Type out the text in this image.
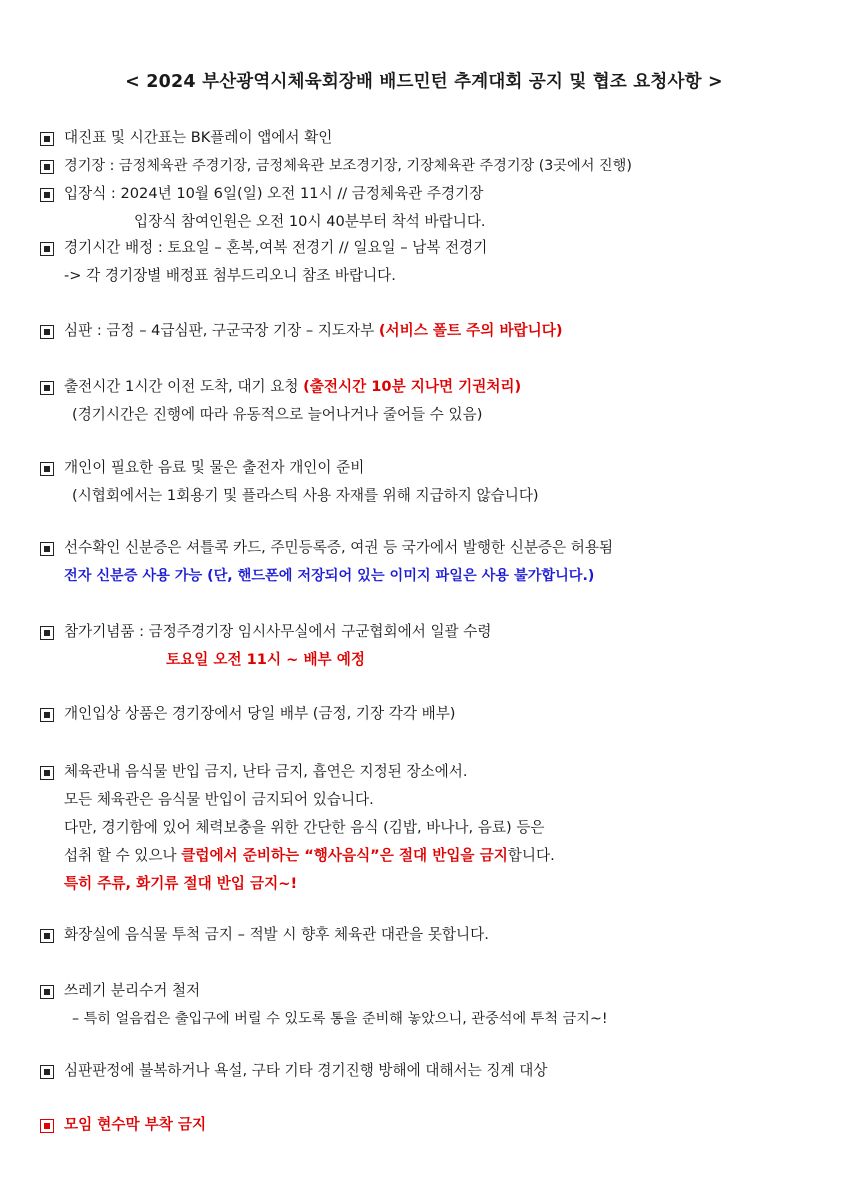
< 2024 부산광역시체육회장배 배드민턴 추계대회 공지 및 협조 요청사항 >
대진표 및 시간표는 BK플레이 앱에서 확인
경기장 : 금정체육관 주경기장, 금정체육관 보조경기장, 기장체육관 주경기장 (3곳에서 진행)
입장식 : 2024년 10월 6일(일) 오전 11시 // 금정체육관 주경기장
입장식 참여인원은 오전 10시 40분부터 착석 바랍니다.
경기시간 배정 : 토요일 – 혼복,여복 전경기 // 일요일 – 남복 전경기
-> 각 경기장별 배정표 첨부드리오니 참조 바랍니다.
심판 : 금정 – 4급심판, 구군국장 기장 – 지도자부 (서비스 폴트 주의 바랍니다)
출전시간 1시간 이전 도착, 대기 요청 (출전시간 10분 지나면 기권처리)
(경기시간은 진행에 따라 유동적으로 늘어나거나 줄어들 수 있음)
개인이 필요한 음료 및 물은 출전자 개인이 준비
(시협회에서는 1회용기 및 플라스틱 사용 자재를 위해 지급하지 않습니다)
선수확인 신분증은 셔틀콕 카드, 주민등록증, 여권 등 국가에서 발행한 신분증은 허용됨
전자 신분증 사용 가능 (단, 핸드폰에 저장되어 있는 이미지 파일은 사용 불가합니다.)
참가기념품 : 금정주경기장 임시사무실에서 구군협회에서 일괄 수령
토요일 오전 11시 ~ 배부 예정
개인입상 상품은 경기장에서 당일 배부 (금정, 기장 각각 배부)
체육관내 음식물 반입 금지, 난타 금지, 흡연은 지정된 장소에서.
모든 체육관은 음식물 반입이 금지되어 있습니다.
다만, 경기함에 있어 체력보충을 위한 간단한 음식 (김밥, 바나나, 음료) 등은
섭취 할 수 있으나 클럽에서 준비하는 “행사음식”은 절대 반입을 금지합니다.
특히 주류, 화기류 절대 반입 금지~!
화장실에 음식물 투척 금지 – 적발 시 향후 체육관 대관을 못합니다.
쓰레기 분리수거 철저
– 특히 얼음컵은 출입구에 버릴 수 있도록 통을 준비해 놓았으니, 관중석에 투척 금지~!
심판판정에 불복하거나 욕설, 구타 기타 경기진행 방해에 대해서는 징계 대상
모임 현수막 부착 금지
